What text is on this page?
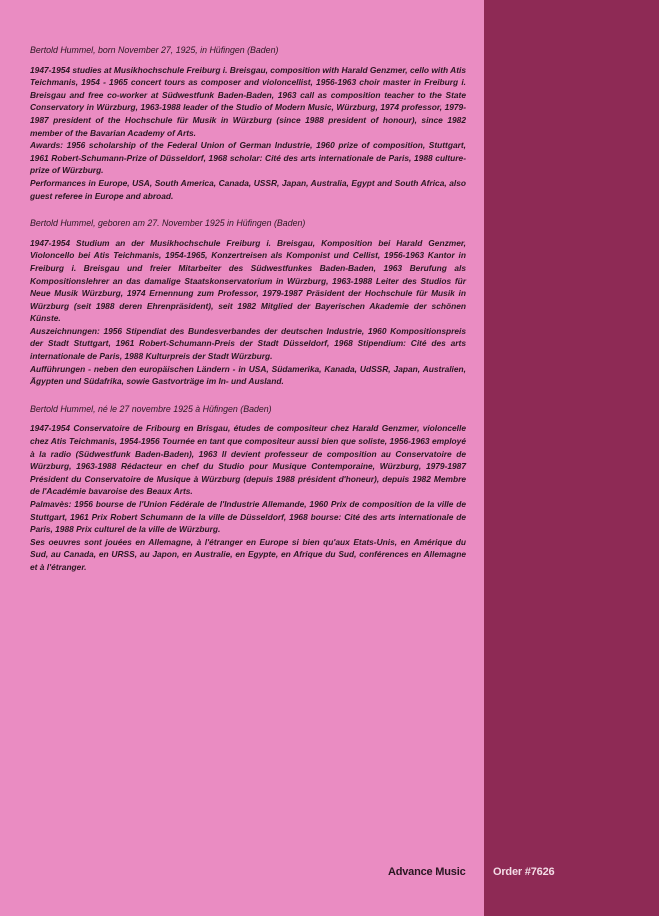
Bertold Hummel, born November 27, 1925, in Hüfingen (Baden)

1947-1954 studies at Musikhochschule Freiburg i. Breisgau, composition with Harald Genzmer, cello with Atis Teichmanis, 1954 - 1965 concert tours as composer and violoncellist, 1956-1963 choir master in Freiburg i. Breisgau and free co-worker at Südwestfunk Baden-Baden, 1963 call as composition teacher to the State Conservatory in Würzburg, 1963-1988 leader of the Studio of Modern Music, Würzburg, 1974 professor, 1979-1987 president of the Hochschule für Musik in Würzburg (since 1988 president of honour), since 1982 member of the Bavarian Academy of Arts.

Awards: 1956 scholarship of the Federal Union of German Industrie, 1960 prize of composition, Stuttgart, 1961 Robert-Schumann-Prize of Düsseldorf, 1968 scholar: Cité des arts internationale de Paris, 1988 culture-prize of Würzburg.

Performances in Europe, USA, South America, Canada, USSR, Japan, Australia, Egypt and South Africa, also guest referee in Europe and abroad.

Bertold Hummel, geboren am 27. November 1925 in Hüfingen (Baden)

1947-1954 Studium an der Musikhochschule Freiburg i. Breisgau, Komposition bei Harald Genzmer, Violoncello bei Atis Teichmanis, 1954-1965, Konzertreisen als Komponist und Cellist, 1956-1963 Kantor in Freiburg i. Breisgau und freier Mitarbeiter des Südwestfunkes Baden-Baden, 1963 Berufung als Kompositionslehrer an das damalige Staatskonservatorium in Würzburg, 1963-1988 Leiter des Studios für Neue Musik Würzburg, 1974 Ernennung zum Professor, 1979-1987 Präsident der Hochschule für Musik in Würzburg (seit 1988 deren Ehrenpräsident), seit 1982 Mitglied der Bayerischen Akademie der schönen Künste.

Auszeichnungen: 1956 Stipendiat des Bundesverbandes der deutschen Industrie, 1960 Kompositionspreis der Stadt Stuttgart, 1961 Robert-Schumann-Preis der Stadt Düsseldorf, 1968 Stipendium: Cité des arts internationale de Paris, 1988 Kulturpreis der Stadt Würzburg.

Aufführungen - neben den europäischen Ländern - in USA, Südamerika, Kanada, UdSSR, Japan, Australien, Ägypten und Südafrika, sowie Gastvorträge im In- und Ausland.

Bertold Hummel, né le 27 novembre 1925 à Hüfingen (Baden)

1947-1954 Conservatoire de Fribourg en Brisgau, études de compositeur chez Harald Genzmer, violoncelle chez Atis Teichmanis, 1954-1956 Tournée en tant que compositeur aussi bien que soliste, 1956-1963 employé à la radio (Südwestfunk Baden-Baden), 1963 Il devient professeur de composition au Conservatoire de Würzburg, 1963-1988 Rédacteur en chef du Studio pour Musique Contemporaine, Würzburg, 1979-1987 Président du Conservatoire de Musique à Würzburg (depuis 1988 président d'honeur), depuis 1982 Membre de l'Académie bavaroise des Beaux Arts.

Palmavès: 1956 bourse de l'Union Fédérale de l'Industrie Allemande, 1960 Prix de composition de la ville de Stuttgart, 1961 Prix Robert Schumann de la ville de Düsseldorf, 1968 bourse: Cité des arts internationale de Paris, 1988 Prix culturel de la ville de Würzburg.

Ses oeuvres sont jouées en Allemagne, à l'étranger en Europe si bien qu'aux Etats-Unis, en Amérique du Sud, au Canada, en URSS, au Japon, en Australie, en Egypte, en Afrique du Sud, conférences en Allemagne et à l'étranger.

Advance Music	Order #7626
